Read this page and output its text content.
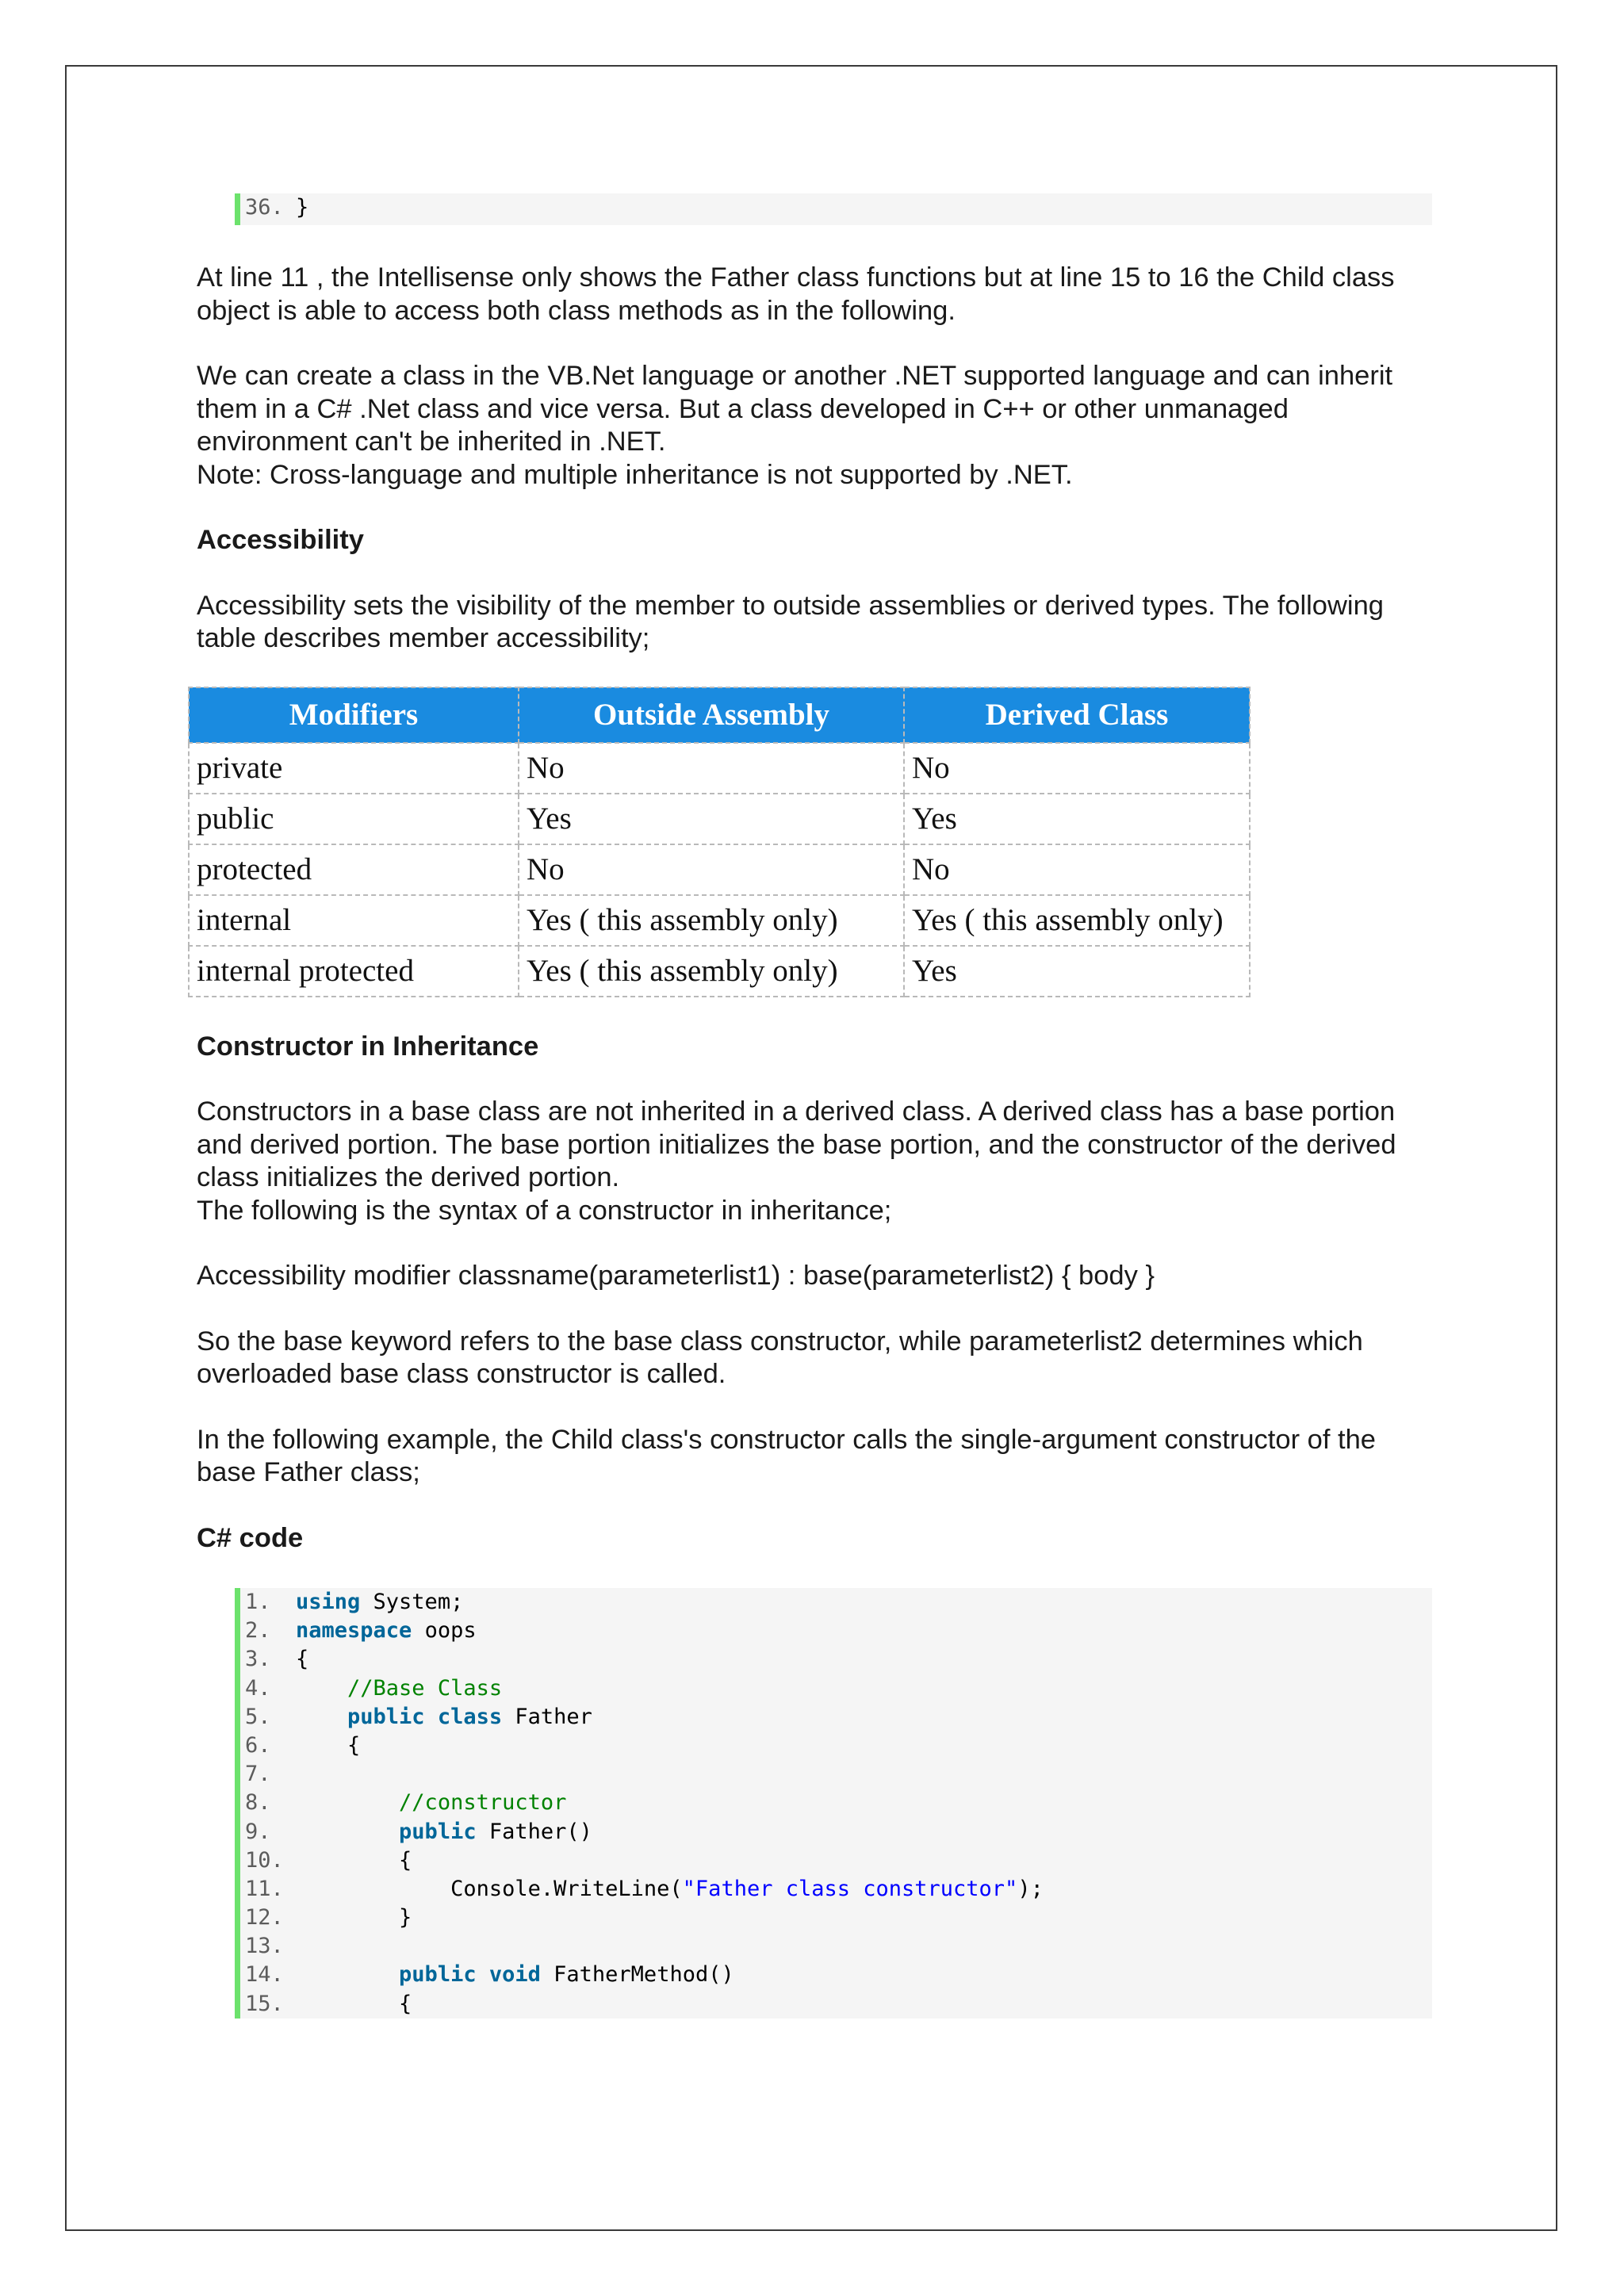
36. }

At line 11 , the Intellisense only shows the Father class functions but at line 15 to 16 the Child class object is able to access both class methods as in the following.

We can create a class in the VB.Net language or another .NET supported language and can inherit them in a C# .Net class and vice versa. But a class developed in C++ or other unmanaged environment can't be inherited in .NET.

Note: Cross-language and multiple inheritance is not supported by .NET.

Accessibility

Accessibility sets the visibility of the member to outside assemblies or derived types. The following table describes member accessibility;

Modifiers	Outside Assembly	Derived Class
private	No	No
public	Yes	Yes
protected	No	No
internal	Yes ( this assembly only)	Yes ( this assembly only)
internal protected	Yes ( this assembly only)	Yes
Constructor in Inheritance

Constructors in a base class are not inherited in a derived class. A derived class has a base portion and derived portion. The base portion initializes the base portion, and the constructor of the derived class initializes the derived portion.

The following is the syntax of a constructor in inheritance;

Accessibility modifier classname(parameterlist1) : base(parameterlist2) { body }

So the base keyword refers to the base class constructor, while parameterlist2 determines which overloaded base class constructor is called.

In the following example, the Child class's constructor calls the single-argument constructor of the base Father class;

C# code
1.	using System;
2.	namespace oops
3.	{
4.	//Base Class
5.	public class Father
6.	{
7.
8.	//constructor
9.	public Father()
10. {
11. Console.WriteLine("Father class constructor");
12. }
13.
14.	public void FatherMethod()
15. {
